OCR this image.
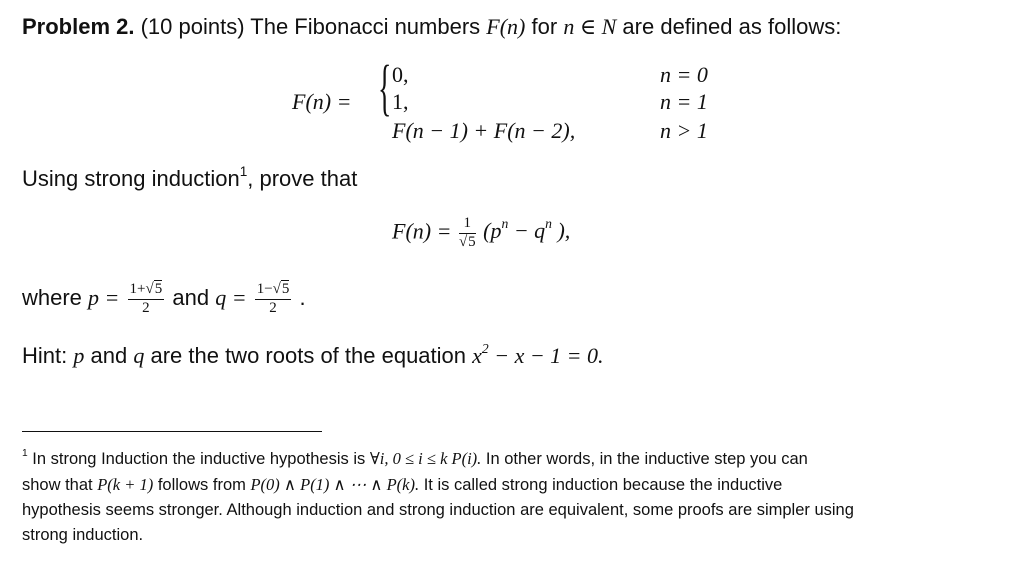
Problem 2. (10 points) The Fibonacci numbers F(n) for n ∈ N are defined as follows:
F(n) = { 0,
1,
F(n − 1) + F(n − 2),
n = 0
n = 1
n > 1
Using strong induction$^1$, prove that
$F(n) = \frac{1}{√5} (p^n - q^n$ ),
where $p = \frac{1+√5}{2}$ and $q = \frac{1-√5}{2}$ .
Hint: p and q are the two roots of the equation $x^2 - x - 1 = 0$.
$^1$ In strong Induction the inductive hypothesis is ∀i, 0 ≤ i ≤ k P(i). In other words, in the inductive step you can
show that P(k + 1) follows from P(0) ∧ P(1) ∧ ⋯ ∧ P(k). It is called strong induction because the inductive
hypothesis seems stronger. Although induction and strong induction are equivalent, some proofs are simpler using
strong induction.
